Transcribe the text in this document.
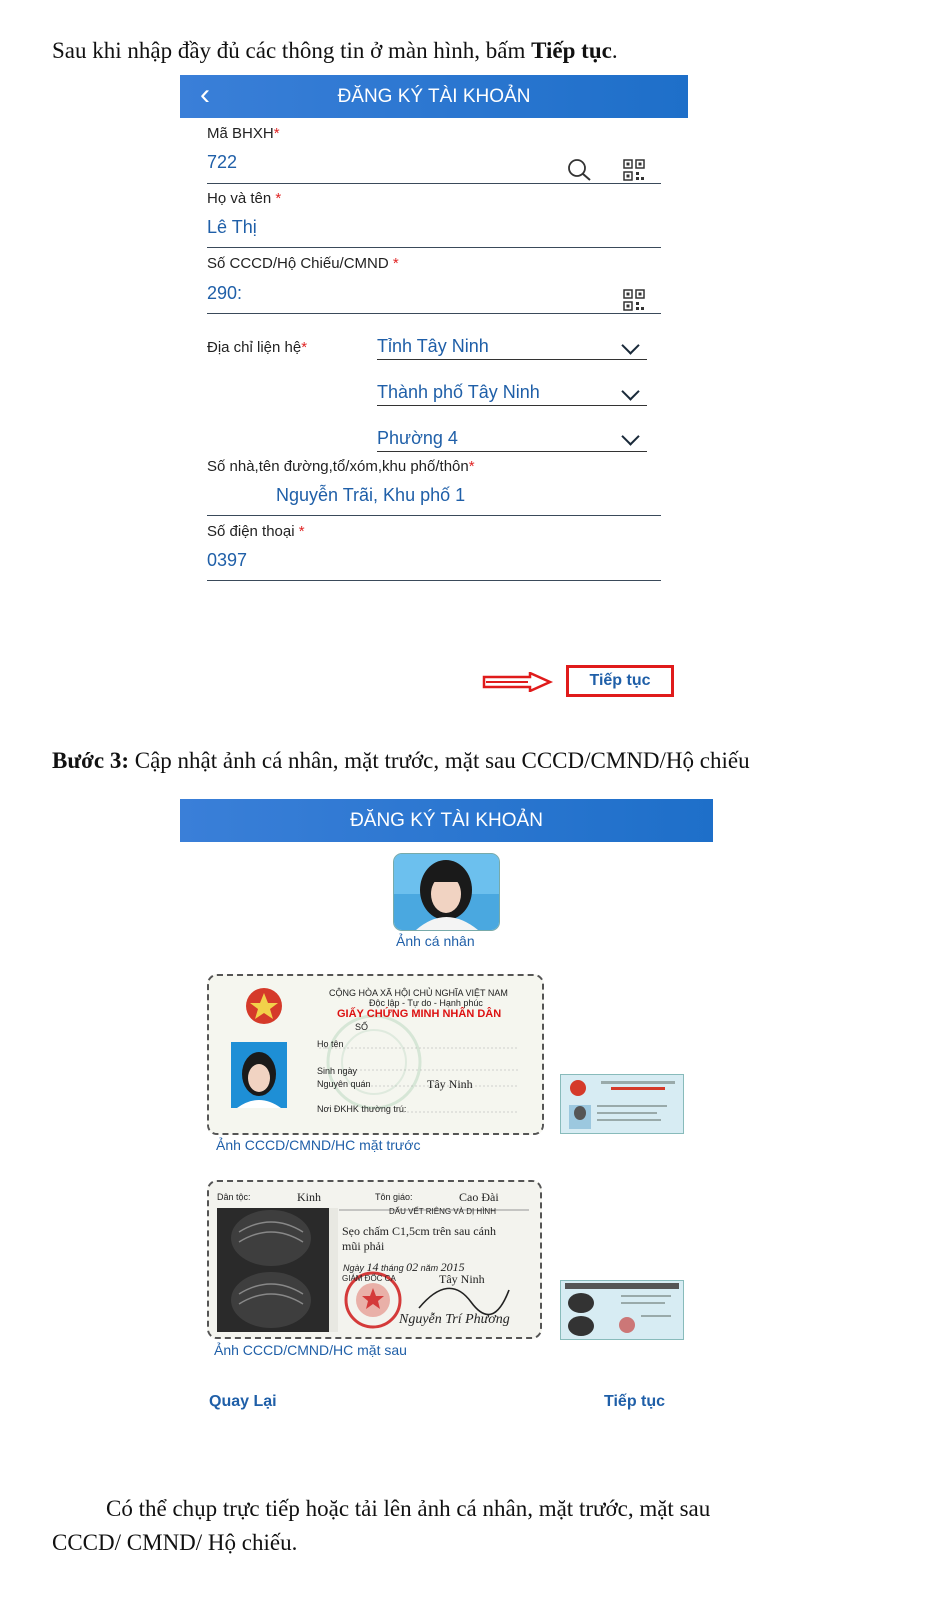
Sau khi nhập đầy đủ các thông tin ở màn hình, bấm Tiếp tục.
‹	ĐĂNG KÝ TÀI KHOẢN
Mã BHXH*
722
Họ và tên *
Lê Thị
Số CCCD/Hộ Chiếu/CMND *
290:
Địa chỉ liện hệ*	Tỉnh Tây Ninh
Thành phố Tây Ninh
Phường 4
Số nhà,tên đường,tổ/xóm,khu phố/thôn*
Nguyễn Trãi, Khu phố 1
Số điện thoại *
0397
Tiếp tục
Bước 3: Cập nhật ảnh cá nhân, mặt trước, mặt sau CCCD/CMND/Hộ chiếu
ĐĂNG KÝ TÀI KHOẢN
Ảnh cá nhân
CỘNG HÒA XÃ HỘI CHỦ NGHĨA VIỆT NAM
Độc lập - Tự do - Hạnh phúc
GIẤY CHỨNG MINH NHÂN DÂN
SỐ
Họ tên
Sinh ngày
Nguyên quán	Tây Ninh
Nơi ĐKHK thường trú:
Ảnh CCCD/CMND/HC mặt trước
Dân tộc:	Kinh	Tôn giáo:	Cao Đài
DẤU VẾT RIÊNG VÀ DỊ HÌNH
Sẹo chấm C1,5cm trên sau cánh
mũi phải
Ngày 14 tháng 02 năm 2015
GIÁM ĐỐC CA	Tây Ninh
Nguyễn Trí Phương
Ảnh CCCD/CMND/HC mặt sau
Quay Lại	Tiếp tục
Có thể chụp trực tiếp hoặc tải lên ảnh cá nhân, mặt trước, mặt sau
CCCD/ CMND/ Hộ chiếu.
